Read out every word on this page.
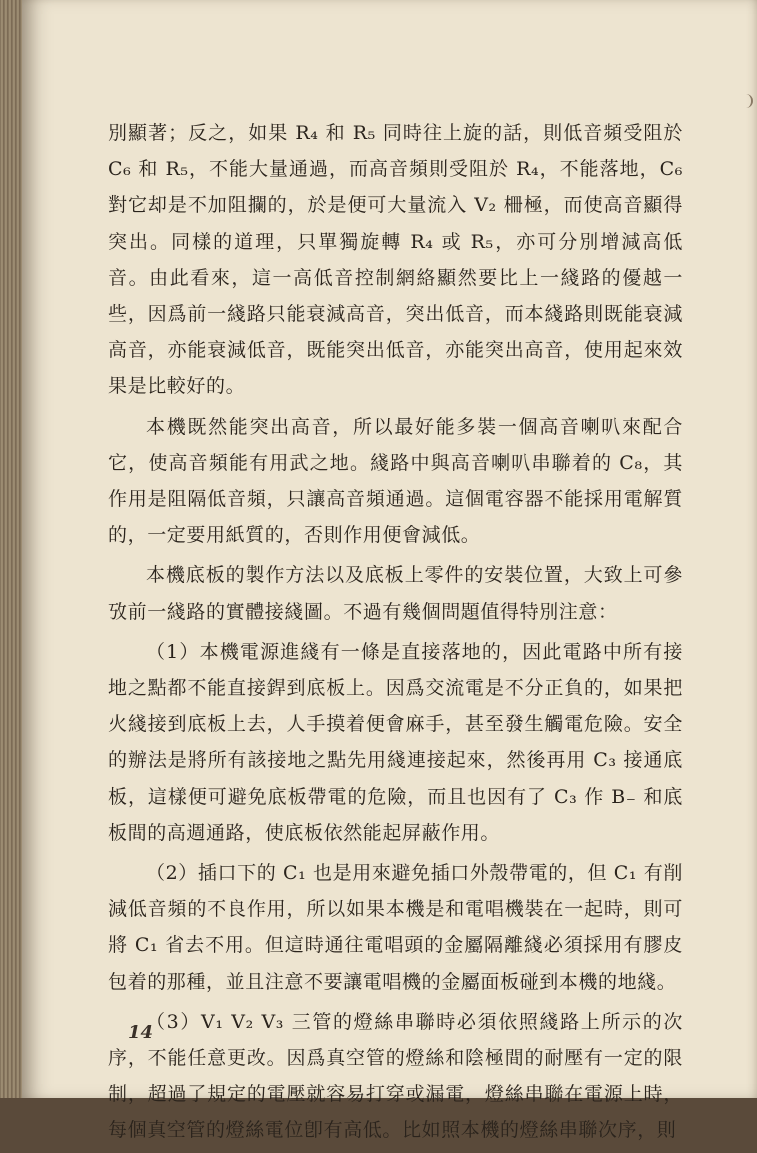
別顯著；反之，如果 R₄ 和 R₅ 同時往上旋的話，則低音頻受阻於 C₆ 和 R₅，不能大量通過，而高音頻則受阻於 R₄，不能落地，C₆ 對它却是不加阻攔的，於是便可大量流入 V₂ 柵極，而使高音顯得突出。同樣的道理，只單獨旋轉 R₄ 或 R₅，亦可分別增減高低音。由此看來，這一高低音控制網絡顯然要比上一綫路的優越一些，因爲前一綫路只能衰減高音，突出低音，而本綫路則既能衰減高音，亦能衰減低音，既能突出低音，亦能突出高音，使用起來效果是比較好的。

本機既然能突出高音，所以最好能多裝一個高音喇叭來配合它，使高音頻能有用武之地。綫路中與高音喇叭串聯着的 C₈，其作用是阻隔低音頻，只讓高音頻通過。這個電容器不能採用電解質的，一定要用紙質的，否則作用便會減低。

本機底板的製作方法以及底板上零件的安裝位置，大致上可參攷前一綫路的實體接綫圖。不過有幾個問題值得特別注意：

（1）本機電源進綫有一條是直接落地的，因此電路中所有接地之點都不能直接銲到底板上。因爲交流電是不分正負的，如果把火綫接到底板上去，人手摸着便會麻手，甚至發生觸電危險。安全的辦法是將所有該接地之點先用綫連接起來，然後再用 C₃ 接通底板，這樣便可避免底板帶電的危險，而且也因有了 C₃ 作 B₋ 和底板間的高週通路，使底板依然能起屏蔽作用。

（2）插口下的 C₁ 也是用來避免插口外殼帶電的，但 C₁ 有削減低音頻的不良作用，所以如果本機是和電唱機裝在一起時，則可將 C₁ 省去不用。但這時通往電唱頭的金屬隔離綫必須採用有膠皮包着的那種，並且注意不要讓電唱機的金屬面板碰到本機的地綫。

（3）V₁ V₂ V₃ 三管的燈絲串聯時必須依照綫路上所示的次序，不能任意更改。因爲真空管的燈絲和陰極間的耐壓有一定的限制，超過了規定的電壓就容易打穿或漏電，燈絲串聯在電源上時，每個真空管的燈絲電位卽有高低。比如照本機的燈絲串聯次序，則

14
